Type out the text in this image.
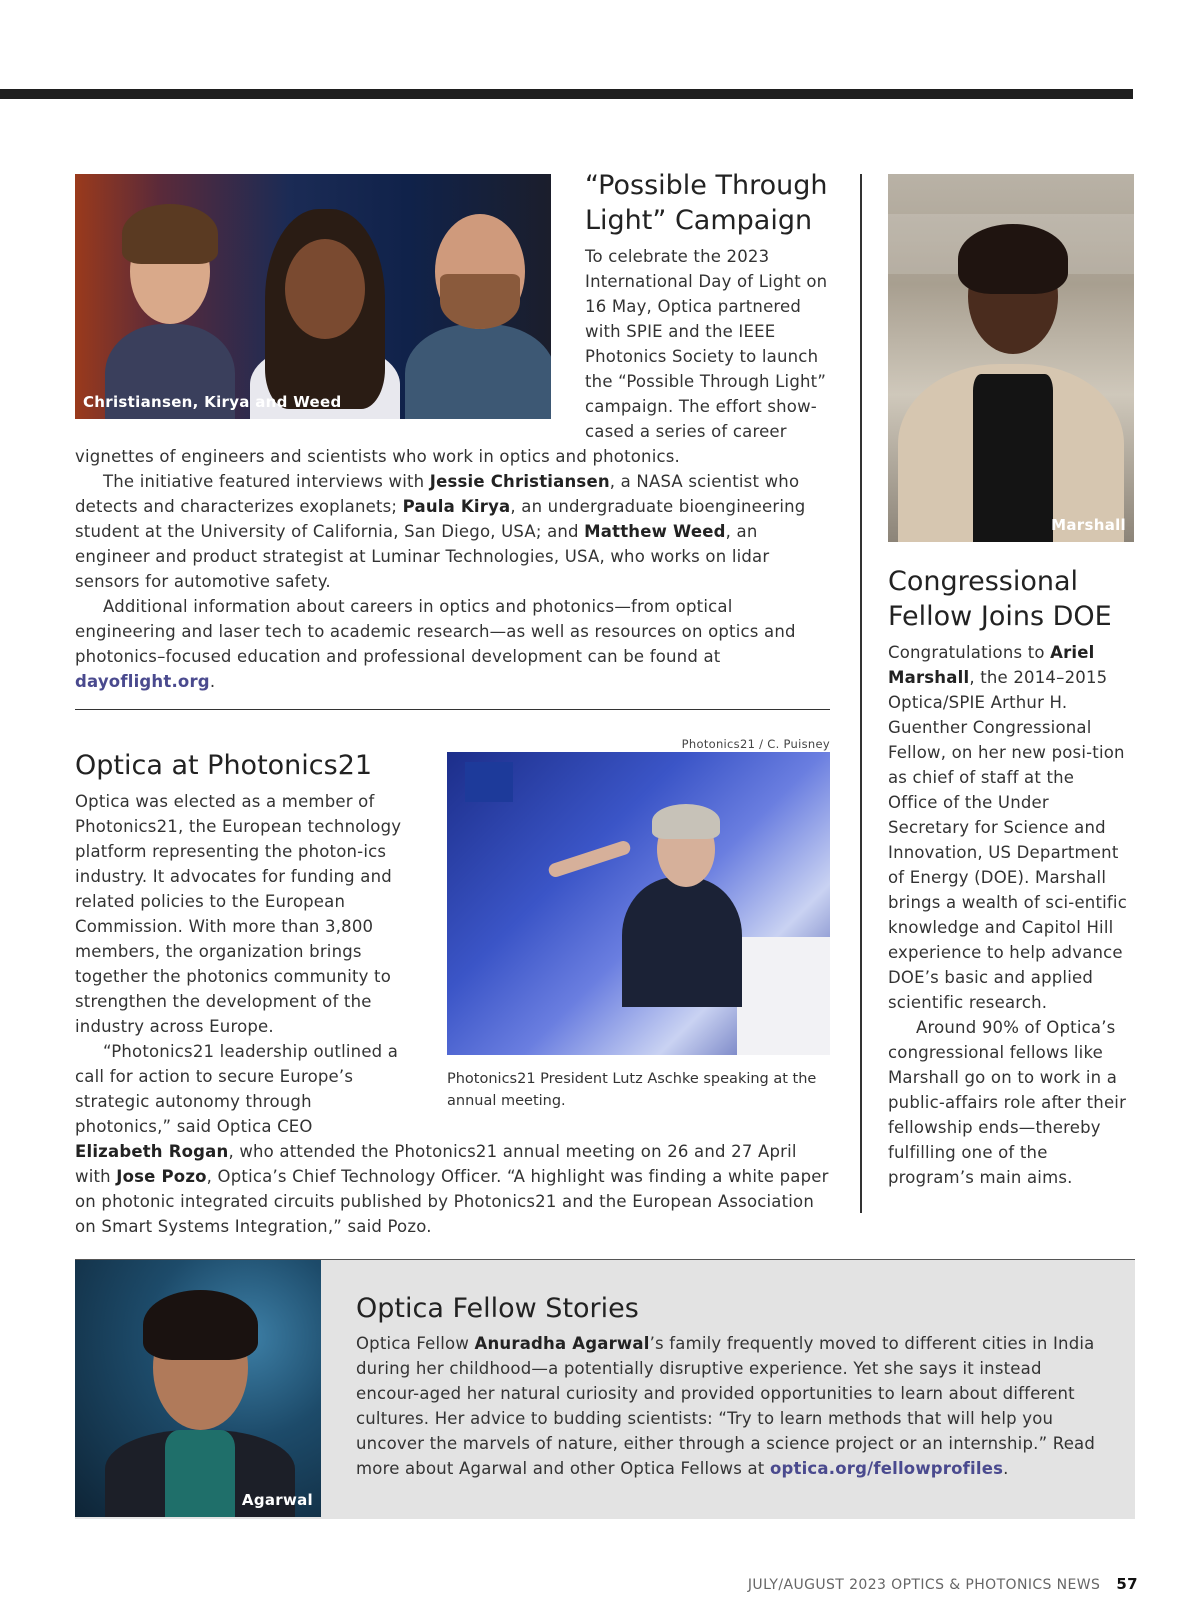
Christiansen, Kirya and Weed
“Possible Through
Light” Campaign

To celebrate the 2023 International Day of Light on 16 May, Optica partnered with SPIE and the IEEE Photonics Society to launch the “Possible Through Light” campaign. The effort show-cased a series of career vignettes of engineers and scientists who work in optics and photonics.

The initiative featured interviews with Jessie Christiansen, a NASA scientist who detects and characterizes exoplanets; Paula Kirya, an undergraduate bioengineering student at the University of California, San Diego, USA; and Matthew Weed, an engineer and product strategist at Luminar Technologies, USA, who works on lidar sensors for automotive safety.

Additional information about careers in optics and photonics—from optical engineering and laser tech to academic research—as well as resources on optics and photonics–focused education and professional development can be found at dayoflight.org.

Optica at Photonics21
Photonics21 / C. Puisney
Photonics21 President Lutz Aschke speaking at the annual meeting.

Optica was elected as a member of Photonics21, the European technology platform representing the photon-ics industry. It advocates for funding and related policies to the European Commission. With more than 3,800 members, the organization brings together the photonics community to strengthen the development of the industry across Europe.

“Photonics21 leadership outlined a call for action to secure Europe’s strategic autonomy through photonics,” said Optica CEO Elizabeth Rogan, who attended the Photonics21 annual meeting on 26 and 27 April with Jose Pozo, Optica’s Chief Technology Officer. “A highlight was finding a white paper on photonic integrated circuits published by Photonics21 and the European Association on Smart Systems Integration,” said Pozo.

Marshall
Congressional
Fellow Joins DOE

Congratulations to Ariel Marshall, the 2014–2015 Optica/SPIE Arthur H. Guenther Congressional Fellow, on her new posi-tion as chief of staff at the Office of the Under Secretary for Science and Innovation, US Department of Energy (DOE). Marshall brings a wealth of sci-entific knowledge and Capitol Hill experience to help advance DOE’s basic and applied scientific research.

Around 90% of Optica’s congressional fellows like Marshall go on to work in a public-affairs role after their fellowship ends—thereby fulfilling one of the program’s main aims.

Agarwal
Optica Fellow Stories

Optica Fellow Anuradha Agarwal’s family frequently moved to different cities in India during her childhood—a potentially disruptive experience. Yet she says it instead encour-aged her natural curiosity and provided opportunities to learn about different cultures. Her advice to budding scientists: “Try to learn methods that will help you uncover the marvels of nature, either through a science project or an internship.” Read more about Agarwal and other Optica Fellows at optica.org/fellowprofiles.

JULY/AUGUST 2023 OPTICS & PHOTONICS NEWS 57
